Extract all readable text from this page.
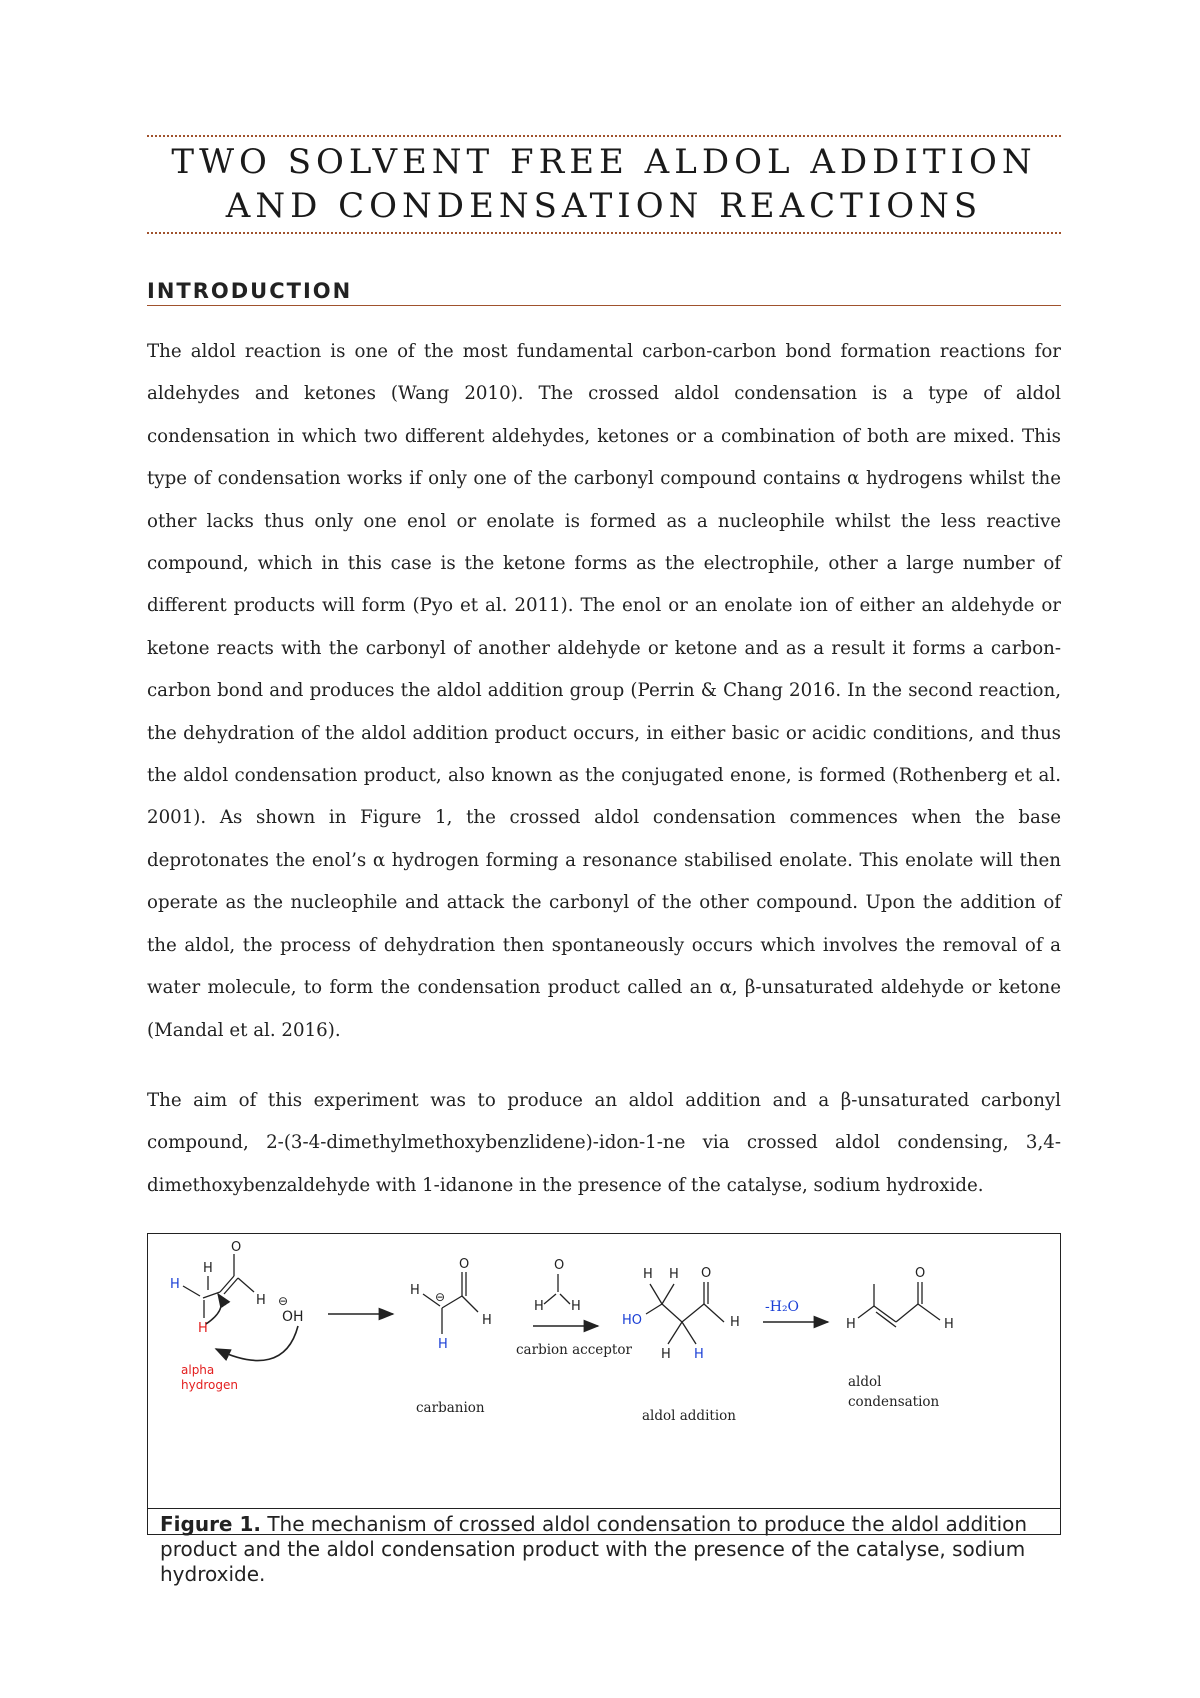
TWO SOLVENT FREE ALDOL ADDITION AND CONDENSATION REACTIONS
INTRODUCTION

The aldol reaction is one of the most fundamental carbon-carbon bond formation reactions for aldehydes and ketones (Wang 2010). The crossed aldol condensation is a type of aldol condensation in which two different aldehydes, ketones or a combination of both are mixed. This type of condensation works if only one of the carbonyl compound contains α hydrogens whilst the other lacks thus only one enol or enolate is formed as a nucleophile whilst the less reactive compound, which in this case is the ketone forms as the electrophile, other a large number of different products will form (Pyo et al. 2011). The enol or an enolate ion of either an aldehyde or ketone reacts with the carbonyl of another aldehyde or ketone and as a result it forms a carbon-carbon bond and produces the aldol addition group (Perrin & Chang 2016. In the second reaction, the dehydration of the aldol addition product occurs, in either basic or acidic conditions, and thus the aldol condensation product, also known as the conjugated enone, is formed (Rothenberg et al. 2001). As shown in Figure 1, the crossed aldol condensation commences when the base deprotonates the enol’s α hydrogen forming a resonance stabilised enolate. This enolate will then operate as the nucleophile and attack the carbonyl of the other compound. Upon the addition of the aldol, the process of dehydration then spontaneously occurs which involves the removal of a water molecule, to form the condensation product called an α, β-unsaturated aldehyde or ketone (Mandal et al. 2016).

The aim of this experiment was to produce an aldol addition and a β-unsaturated carbonyl compound, 2-(3-4-dimethylmethoxybenzlidene)-idon-1-ne via crossed aldol condensing, 3,4-dimethoxybenzaldehyde with 1-idanone in the presence of the catalyse, sodium hydroxide.

H
O
H
H
H
⊖
OH
alpha
hydrogen
H ⊖
O
H
H
carbanion
O
H H
carbion acceptor
HO
H H O
H
H H
aldol addition
-H₂O
H
O
H
aldol
condensation

Figure 1. The mechanism of crossed aldol condensation to produce the aldol addition product and the aldol condensation product with the presence of the catalyse, sodium hydroxide.
